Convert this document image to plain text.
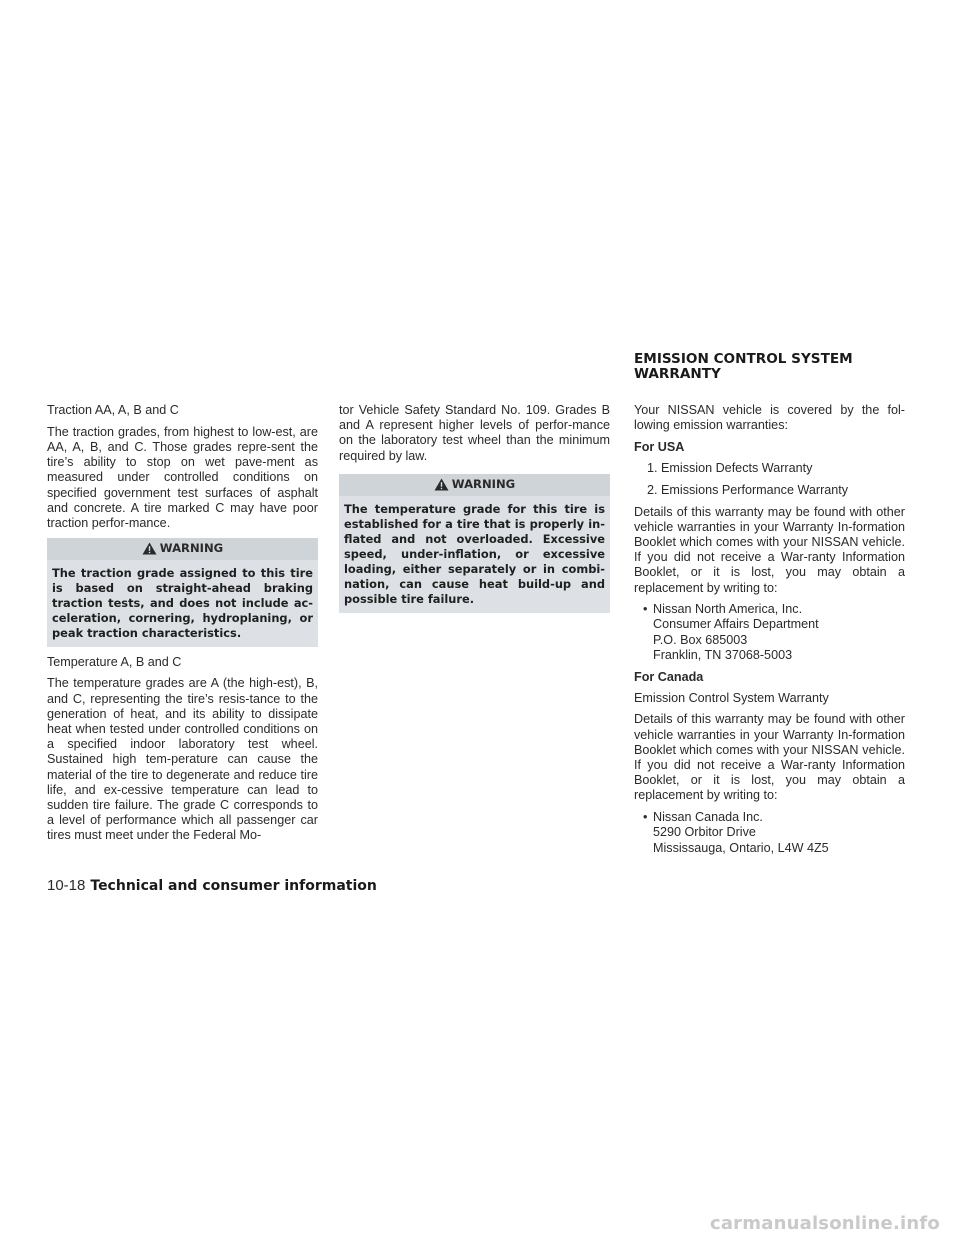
Traction AA, A, B and C

The traction grades, from highest to low-est, are AA, A, B, and C. Those grades repre-sent the tire’s ability to stop on wet pave-ment as measured under controlled conditions on specified government test surfaces of asphalt and concrete. A tire marked C may have poor traction perfor-mance.

WARNING
The traction grade assigned to this tire is based on straight-ahead braking traction tests, and does not include ac-celeration, cornering, hydroplaning, or peak traction characteristics.

Temperature A, B and C

The temperature grades are A (the high-est), B, and C, representing the tire’s resis-tance to the generation of heat, and its ability to dissipate heat when tested under controlled conditions on a specified indoor laboratory test wheel. Sustained high tem-perature can cause the material of the tire to degenerate and reduce tire life, and ex-cessive temperature can lead to sudden tire failure. The grade C corresponds to a level of performance which all passenger car tires must meet under the Federal Mo-

tor Vehicle Safety Standard No. 109. Grades B and A represent higher levels of perfor-mance on the laboratory test wheel than the minimum required by law.

WARNING
The temperature grade for this tire is established for a tire that is properly in-flated and not overloaded. Excessive speed, under-inflation, or excessive loading, either separately or in combi-nation, can cause heat build-up and possible tire failure.
EMISSION CONTROL SYSTEM
WARRANTY

Your NISSAN vehicle is covered by the fol-lowing emission warranties:

For USA

1. Emission Defects Warranty

2. Emissions Performance Warranty

Details of this warranty may be found with other vehicle warranties in your Warranty In-formation Booklet which comes with your NISSAN vehicle. If you did not receive a War-ranty Information Booklet, or it is lost, you may obtain a replacement by writing to:

• Nissan North America, Inc.
Consumer Affairs Department
P.O. Box 685003
Franklin, TN 37068-5003

For Canada

Emission Control System Warranty

Details of this warranty may be found with other vehicle warranties in your Warranty In-formation Booklet which comes with your NISSAN vehicle. If you did not receive a War-ranty Information Booklet, or it is lost, you may obtain a replacement by writing to:

• Nissan Canada Inc.
5290 Orbitor Drive
Mississauga, Ontario, L4W 4Z5
10-18 Technical and consumer information
carmanualsonline.info
